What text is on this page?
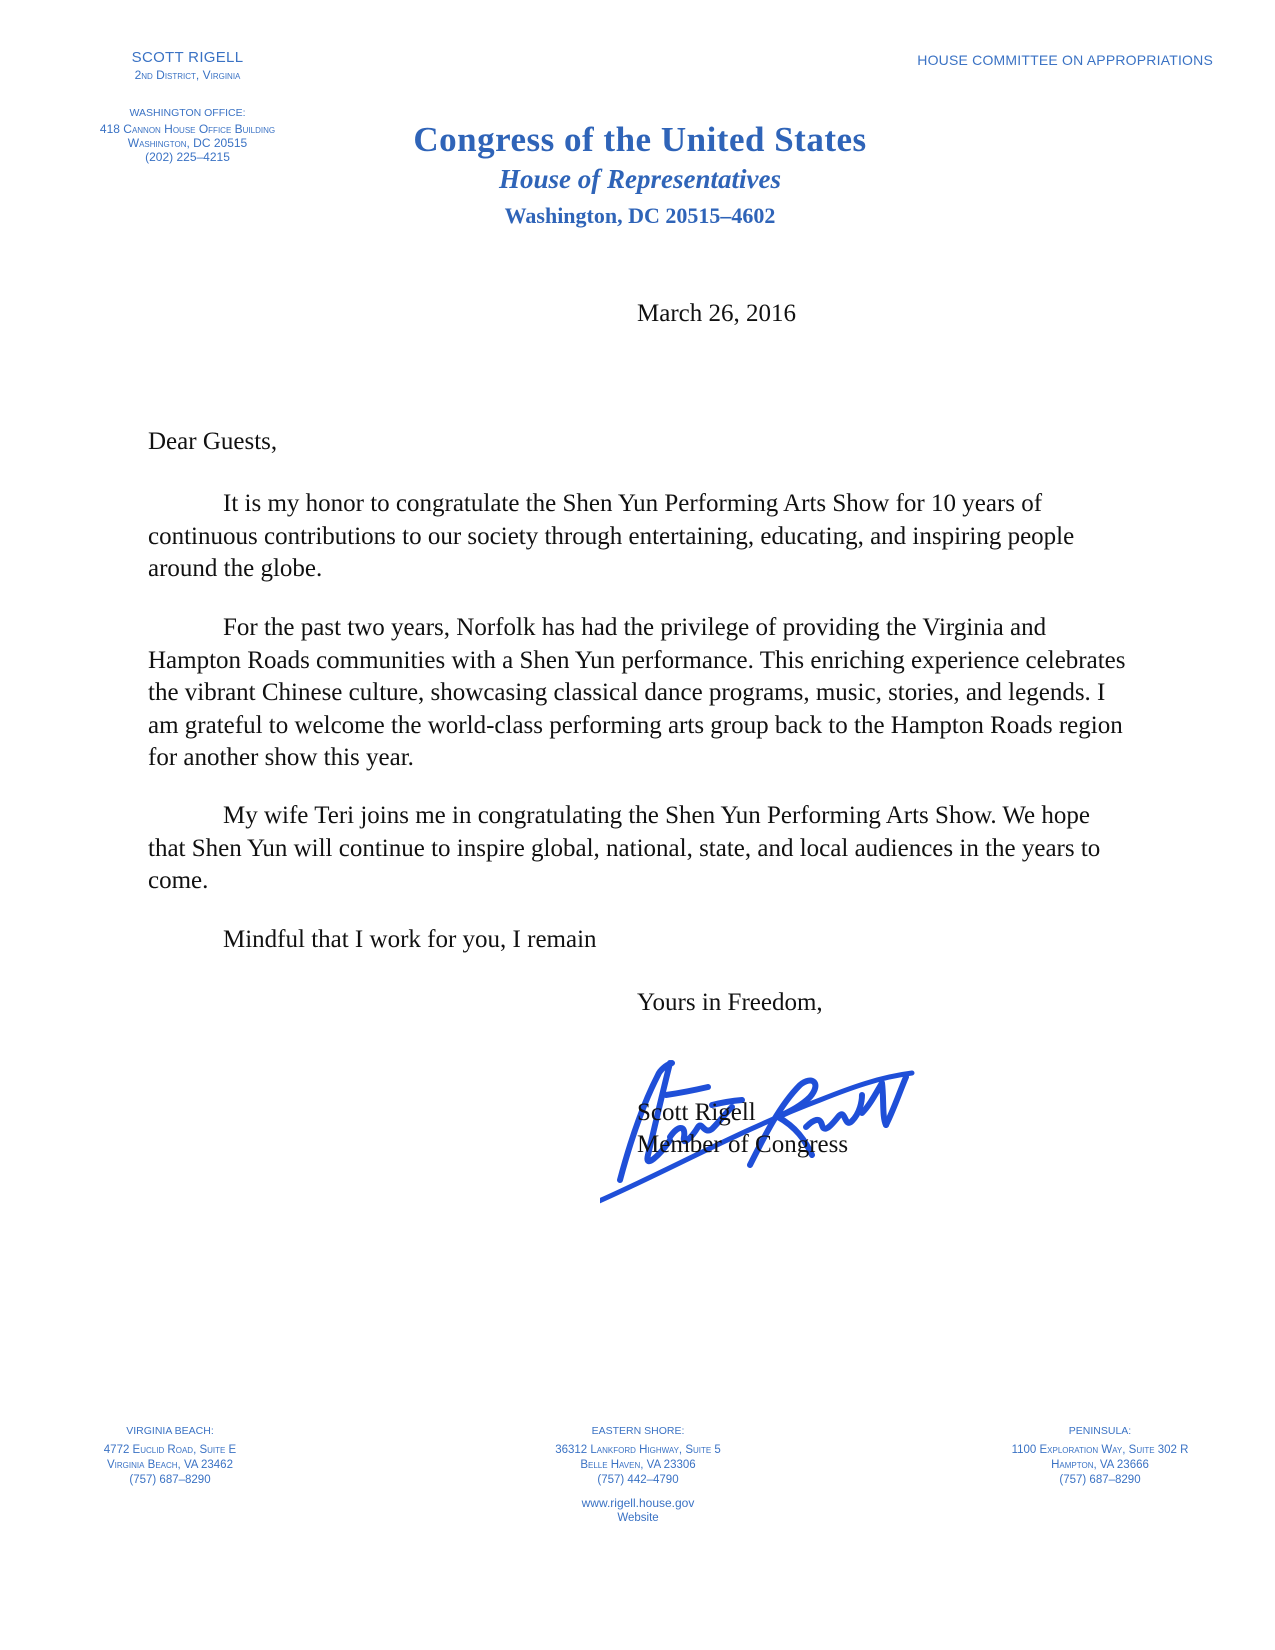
SCOTT RIGELL
2nd District, Virginia
WASHINGTON OFFICE:
418 Cannon House Office Building
Washington, DC 20515
(202) 225–4215
HOUSE COMMITTEE ON APPROPRIATIONS
Congress of the United States
House of Representatives
Washington, DC 20515–4602
March 26, 2016

Dear Guests,

It is my honor to congratulate the Shen Yun Performing Arts Show for 10 years of continuous contributions to our society through entertaining, educating, and inspiring people around the globe.

For the past two years, Norfolk has had the privilege of providing the Virginia and Hampton Roads communities with a Shen Yun performance. This enriching experience celebrates the vibrant Chinese culture, showcasing classical dance programs, music, stories, and legends. I am grateful to welcome the world-class performing arts group back to the Hampton Roads region for another show this year.

My wife Teri joins me in congratulating the Shen Yun Performing Arts Show. We hope that Shen Yun will continue to inspire global, national, state, and local audiences in the years to come.

Mindful that I work for you, I remain

Yours in Freedom,
Scott Rigell
Member of Congress
VIRGINIA BEACH:
4772 Euclid Road, Suite E
Virginia Beach, VA 23462
(757) 687–8290
EASTERN SHORE:
36312 Lankford Highway, Suite 5
Belle Haven, VA 23306
(757) 442–4790
www.rigell.house.gov
Website
PENINSULA:
1100 Exploration Way, Suite 302 R
Hampton, VA 23666
(757) 687–8290
